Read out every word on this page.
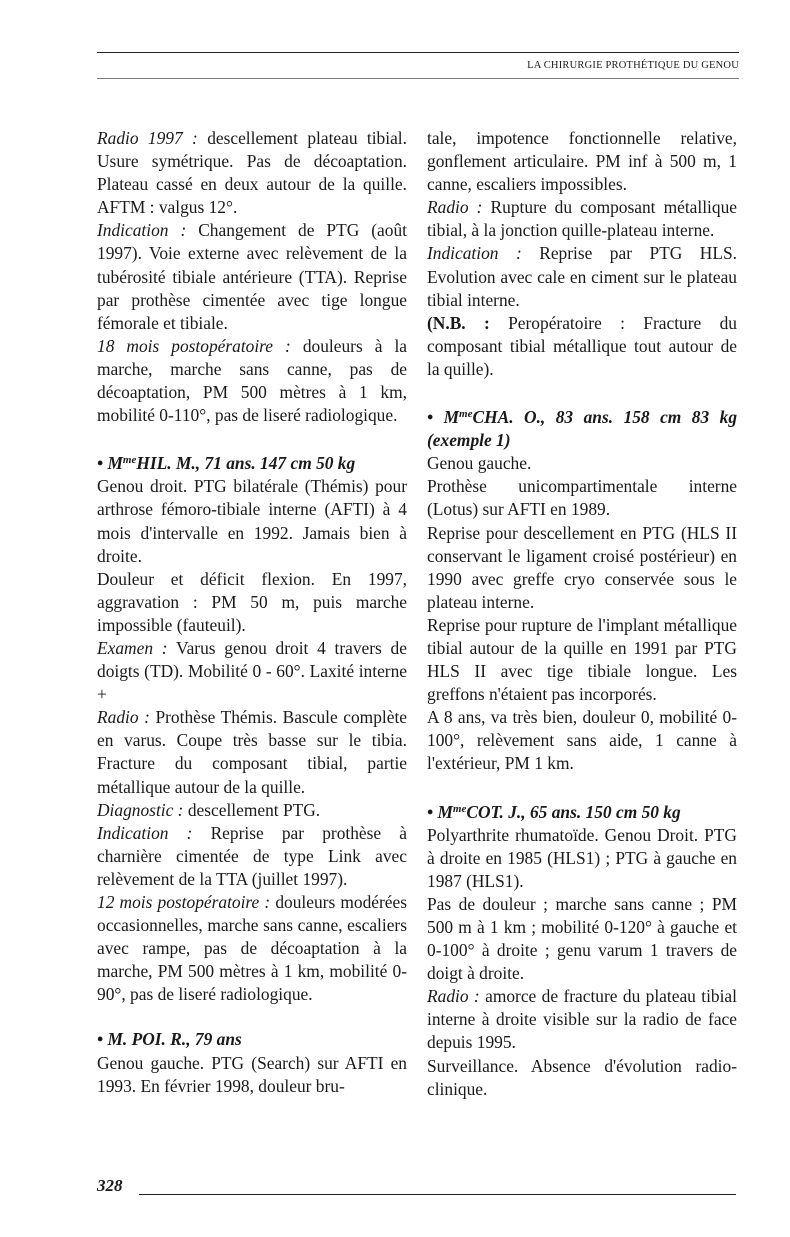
LA CHIRURGIE PROTHÉTIQUE DU GENOU

Radio 1997 : descellement plateau tibial. Usure symétrique. Pas de décoaptation. Plateau cassé en deux autour de la quille. AFTM : valgus 12°.

Indication : Changement de PTG (août 1997). Voie externe avec relèvement de la tubérosité tibiale antérieure (TTA). Reprise par prothèse cimentée avec tige longue fémorale et tibiale.

18 mois postopératoire : douleurs à la marche, marche sans canne, pas de décoaptation, PM 500 mètres à 1 km, mobilité 0-110°, pas de liseré radiologique.

• $M^{me}HIL$. M., 71 ans. 147 cm 50 kg

Genou droit. PTG bilatérale (Thémis) pour arthrose fémoro-tibiale interne (AFTI) à 4 mois d'intervalle en 1992. Jamais bien à droite.

Douleur et déficit flexion. En 1997, aggravation : PM 50 m, puis marche impossible (fauteuil).

Examen : Varus genou droit 4 travers de doigts (TD). Mobilité 0 - 60°. Laxité interne +

Radio : Prothèse Thémis. Bascule complète en varus. Coupe très basse sur le tibia. Fracture du composant tibial, partie métallique autour de la quille.

Diagnostic : descellement PTG.

Indication : Reprise par prothèse à charnière cimentée de type Link avec relèvement de la TTA (juillet 1997).

12 mois postopératoire : douleurs modérées occasionnelles, marche sans canne, escaliers avec rampe, pas de décoaptation à la marche, PM 500 mètres à 1 km, mobilité 0-90°, pas de liseré radiologique.

• M. POI. R., 79 ans

Genou gauche. PTG (Search) sur AFTI en 1993. En février 1998, douleur bru-

tale, impotence fonctionnelle relative, gonflement articulaire. PM inf à 500 m, 1 canne, escaliers impossibles.

Radio : Rupture du composant métallique tibial, à la jonction quille-plateau interne.

Indication : Reprise par PTG HLS. Evolution avec cale en ciment sur le plateau tibial interne.

(N.B. : Peropératoire : Fracture du composant tibial métallique tout autour de la quille).

• $M^{me}CHA$. O., 83 ans. 158 cm 83 kg (exemple 1)

Genou gauche.

Prothèse unicompartimentale interne (Lotus) sur AFTI en 1989.

Reprise pour descellement en PTG (HLS II conservant le ligament croisé postérieur) en 1990 avec greffe cryo conservée sous le plateau interne.

Reprise pour rupture de l'implant métallique tibial autour de la quille en 1991 par PTG HLS II avec tige tibiale longue. Les greffons n'étaient pas incorporés.

A 8 ans, va très bien, douleur 0, mobilité 0-100°, relèvement sans aide, 1 canne à l'extérieur, PM 1 km.

• $M^{me}COT$. J., 65 ans. 150 cm 50 kg

Polyarthrite rhumatoïde. Genou Droit. PTG à droite en 1985 (HLS1) ; PTG à gauche en 1987 (HLS1).

Pas de douleur ; marche sans canne ; PM 500 m à 1 km ; mobilité 0-120° à gauche et 0-100° à droite ; genu varum 1 travers de doigt à droite.

Radio : amorce de fracture du plateau tibial interne à droite visible sur la radio de face depuis 1995.

Surveillance. Absence d'évolution radio-clinique.

328
